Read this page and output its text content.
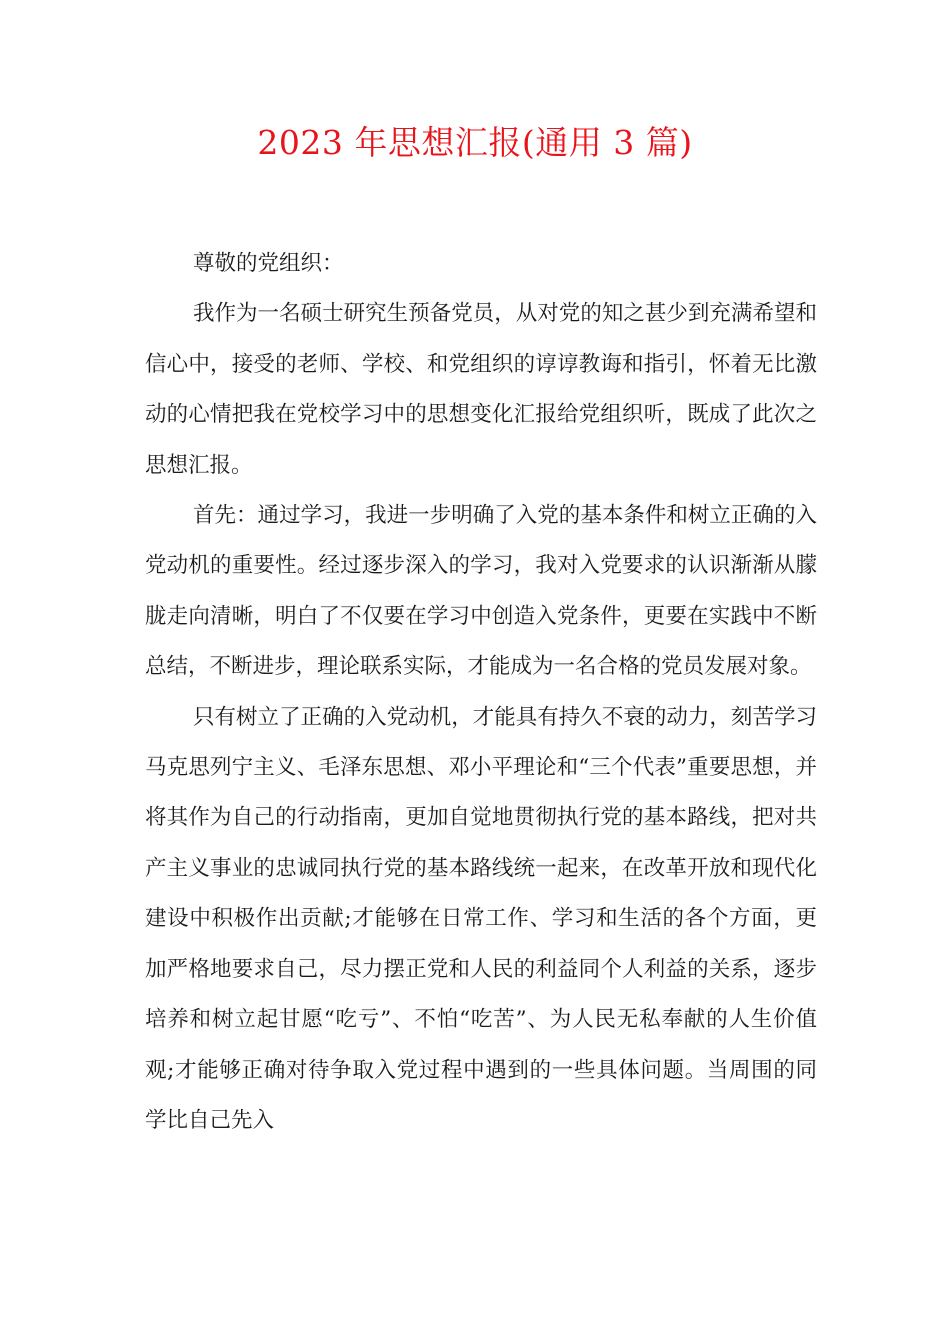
2023 年思想汇报(通用 3 篇)

尊敬的党组织：

我作为一名硕士研究生预备党员，从对党的知之甚少到充满希望和信心中，接受的老师、学校、和党组织的谆谆教诲和指引，怀着无比激动的心情把我在党校学习中的思想变化汇报给党组织听，既成了此次之思想汇报。

首先：通过学习，我进一步明确了入党的基本条件和树立正确的入党动机的重要性。经过逐步深入的学习，我对入党要求的认识渐渐从朦胧走向清晰，明白了不仅要在学习中创造入党条件，更要在实践中不断总结，不断进步，理论联系实际，才能成为一名合格的党员发展对象。

只有树立了正确的入党动机，才能具有持久不衰的动力，刻苦学习马克思列宁主义、毛泽东思想、邓小平理论和“三个代表”重要思想，并将其作为自己的行动指南，更加自觉地贯彻执行党的基本路线，把对共产主义事业的忠诚同执行党的基本路线统一起来，在改革开放和现代化建设中积极作出贡献;才能够在日常工作、学习和生活的各个方面，更加严格地要求自己，尽力摆正党和人民的利益同个人利益的关系，逐步培养和树立起甘愿“吃亏”、不怕“吃苦”、为人民无私奉献的人生价值观;才能够正确对待争取入党过程中遇到的一些具体问题。当周围的同学比自己先入
